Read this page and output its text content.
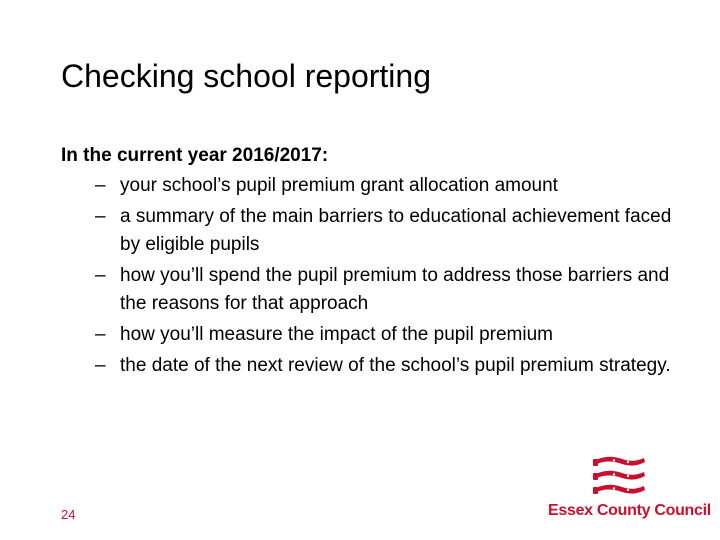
Checking school reporting

In the current year 2016/2017:

– your school’s pupil premium grant allocation amount
– a summary of the main barriers to educational achievement faced by eligible pupils
– how you’ll spend the pupil premium to address those barriers and the reasons for that approach
– how you’ll measure the impact of the pupil premium
– the date of the next review of the school’s pupil premium strategy.
24	Essex County Council
